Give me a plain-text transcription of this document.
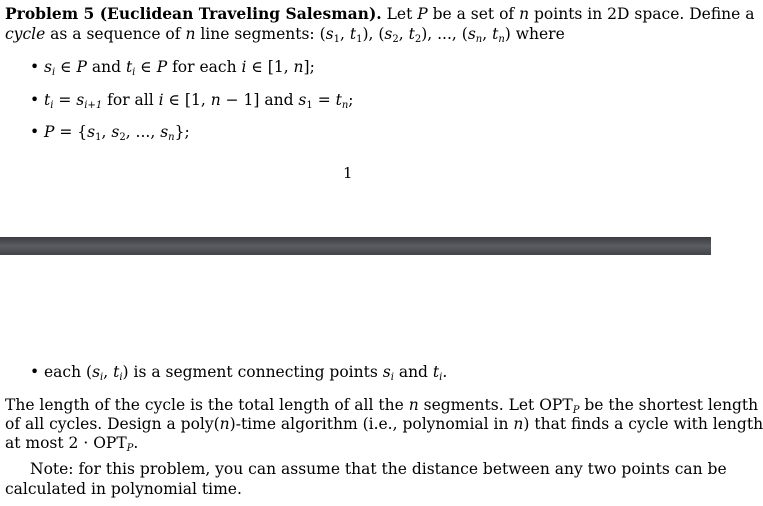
Problem 5 (Euclidean Traveling Salesman). Let P be a set of n points in 2D space. Define a
cycle as a sequence of n line segments: ($s_1$, $t_1$), ($s_2$, $t_2$), ..., ($s_n$, $t_n$) where
• $s_i$ ∈ P and $t_i$ ∈ P for each i ∈ [1, n];
• $t_i = s_{i+1}$ for all i ∈ [1, n − 1] and $s_1 = t_n$;
• $P = \{s_1$, $s_2$, ..., $s_n$};
1
• each ($s_i$, $t_i$) is a segment connecting points $s_i$ and $t_i$.
The length of the cycle is the total length of all the n segments. Let $OPT_P$ be the shortest length
of all cycles. Design a poly(n)-time algorithm (i.e., polynomial in n) that finds a cycle with length
at most $2 \cdot OPT_P$.
Note: for this problem, you can assume that the distance between any two points can be
calculated in polynomial time.
